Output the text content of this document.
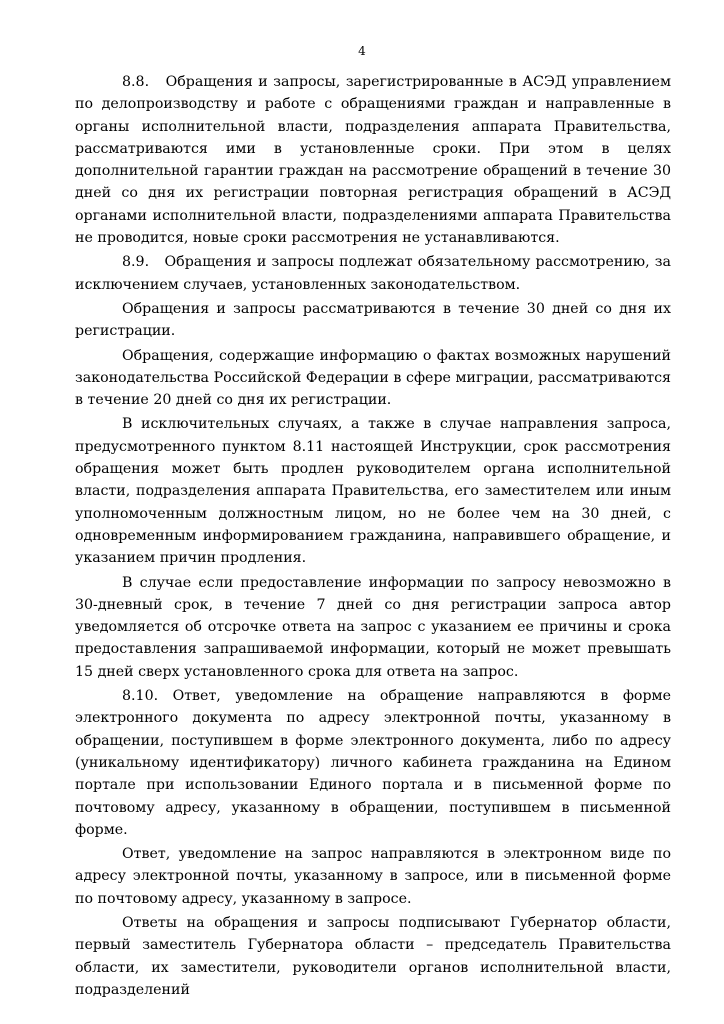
4

8.8.   Обращения и запросы, зарегистрированные в АСЭД управлением по делопроизводству и работе с обращениями граждан и направленные в органы исполнительной власти, подразделения аппарата Правительства, рассматриваются ими в установленные сроки. При этом в целях дополнительной гарантии граждан на рассмотрение обращений в течение 30 дней со дня их регистрации повторная регистрация обращений в АСЭД органами исполнительной власти, подразделениями аппарата Правительства не проводится, новые сроки рассмотрения не устанавливаются.

8.9.   Обращения и запросы подлежат обязательному рассмотрению, за исключением случаев, установленных законодательством.

Обращения и запросы рассматриваются в течение 30 дней со дня их регистрации.

Обращения, содержащие информацию о фактах возможных нарушений законодательства Российской Федерации в сфере миграции, рассматриваются в течение 20 дней со дня их регистрации.

В исключительных случаях, а также в случае направления запроса, предусмотренного пунктом 8.11 настоящей Инструкции, срок рассмотрения обращения может быть продлен руководителем органа исполнительной власти, подразделения аппарата Правительства, его заместителем или иным уполномоченным должностным лицом, но не более чем на 30 дней, с одновременным информированием гражданина, направившего обращение, и указанием причин продления.

В случае если предоставление информации по запросу невозможно в 30-дневный срок, в течение 7 дней со дня регистрации запроса автор уведомляется об отсрочке ответа на запрос с указанием ее причины и срока предоставления запрашиваемой информации, который не может превышать 15 дней сверх установленного срока для ответа на запрос.

8.10. Ответ, уведомление на обращение направляются в форме электронного документа по адресу электронной почты, указанному в обращении, поступившем в форме электронного документа, либо по адресу (уникальному идентификатору) личного кабинета гражданина на Едином портале при использовании Единого портала и в письменной форме по почтовому адресу, указанному в обращении, поступившем в письменной форме.

Ответ, уведомление на запрос направляются в электронном виде по адресу электронной почты, указанному в запросе, или в письменной форме по почтовому адресу, указанному в запросе.

Ответы на обращения и запросы подписывают Губернатор области, первый заместитель Губернатора области – председатель Правительства области, их заместители, руководители органов исполнительной власти, подразделений
